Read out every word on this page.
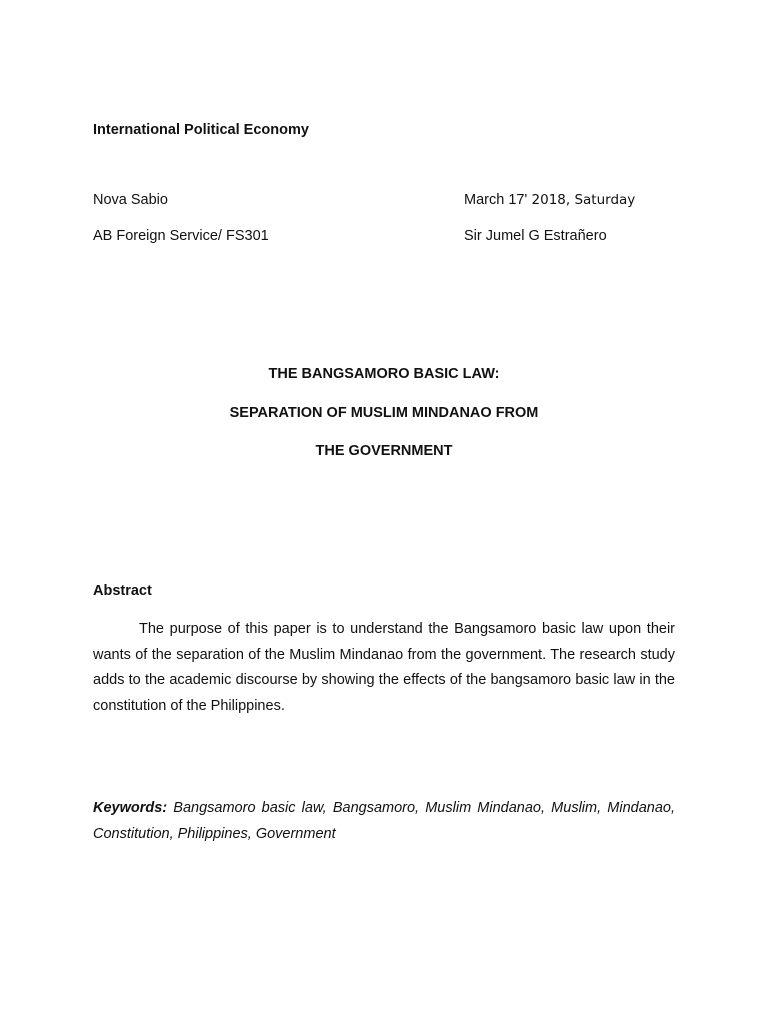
International Political Economy
Nova Sabio
AB Foreign Service/ FS301
March 17' 2018, Saturday
Sir Jumel G Estrañero
THE BANGSAMORO BASIC LAW:
SEPARATION OF MUSLIM MINDANAO FROM
THE GOVERNMENT
Abstract
The purpose of this paper is to understand the Bangsamoro basic law upon their wants of the separation of the Muslim Mindanao from the government. The research study adds to the academic discourse by showing the effects of the bangsamoro basic law in the constitution of the Philippines.
Keywords: Bangsamoro basic law, Bangsamoro, Muslim Mindanao, Muslim, Mindanao, Constitution, Philippines, Government
